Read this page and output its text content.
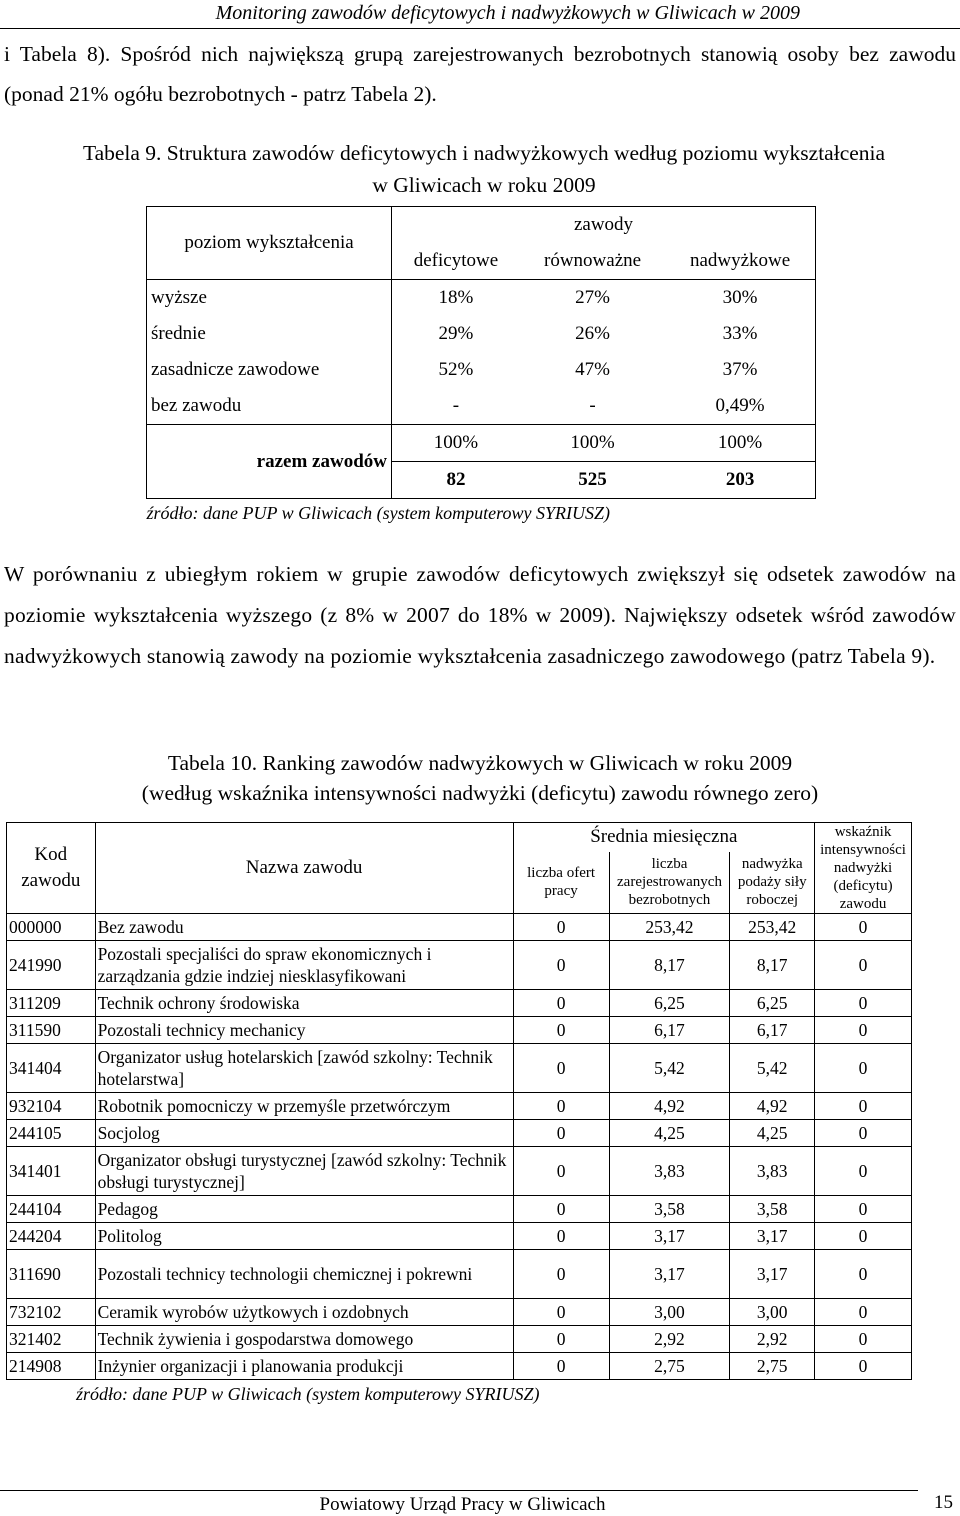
Monitoring zawodów deficytowych i nadwyżkowych w Gliwicach w 2009
i Tabela 8). Spośród nich największą grupą zarejestrowanych bezrobotnych stanowią osoby bez zawodu (ponad 21% ogółu bezrobotnych - patrz Tabela 2).
Tabela 9. Struktura zawodów deficytowych i nadwyżkowych według poziomu wykształcenia
w Gliwicach w roku 2009
poziom wykształcenia	zawody		
	deficytowe	równoważne	nadwyżkowe
wyższe	18%	27%	30%
średnie	29%	26%	33%
zasadnicze zawodowe	52%	47%	37%
bez zawodu	-	-	0,49%
razem zawodów	100%	100%	100%
	82	525	203
źródło: dane PUP w Gliwicach (system komputerowy SYRIUSZ)			
W porównaniu z ubiegłym rokiem w grupie zawodów deficytowych zwiększył się odsetek zawodów na poziomie wykształcenia wyższego (z 8% w 2007 do 18% w 2009). Największy odsetek wśród zawodów nadwyżkowych stanowią zawody na poziomie wykształcenia zasadniczego zawodowego (patrz Tabela 9).
Tabela 10. Ranking zawodów nadwyżkowych w Gliwicach w roku 2009
(według wskaźnika intensywności nadwyżki (deficytu) zawodu równego zero)
Kod zawodu	Nazwa zawodu	Średnia miesięczna			wskaźnik intensywności nadwyżki (deficytu) zawodu
		liczba ofert pracy	liczba zarejestrowanych bezrobotnych	nadwyżka podaży siły roboczej	
000000	Bez zawodu	0	253,42	253,42	0
241990	Pozostali specjaliści do spraw ekonomicznych i zarządzania gdzie indziej niesklasyfikowani	0	8,17	8,17	0
311209	Technik ochrony środowiska	0	6,25	6,25	0
311590	Pozostali technicy mechanicy	0	6,17	6,17	0
341404	Organizator usług hotelarskich [zawód szkolny: Technik hotelarstwa]	0	5,42	5,42	0
932104	Robotnik pomocniczy w przemyśle przetwórczym	0	4,92	4,92	0
244105	Socjolog	0	4,25	4,25	0
341401	Organizator obsługi turystycznej [zawód szkolny: Technik obsługi turystycznej]	0	3,83	3,83	0
244104	Pedagog	0	3,58	3,58	0
244204	Politolog	0	3,17	3,17	0
311690	Pozostali technicy technologii chemicznej i pokrewni	0	3,17	3,17	0
732102	Ceramik wyrobów użytkowych i ozdobnych	0	3,00	3,00	0
321402	Technik żywienia i gospodarstwa domowego	0	2,92	2,92	0
214908	Inżynier organizacji i planowania produkcji	0	2,75	2,75	0
źródło: dane PUP w Gliwicach (system komputerowy SYRIUSZ)
Powiatowy Urząd Pracy w Gliwicach	15
